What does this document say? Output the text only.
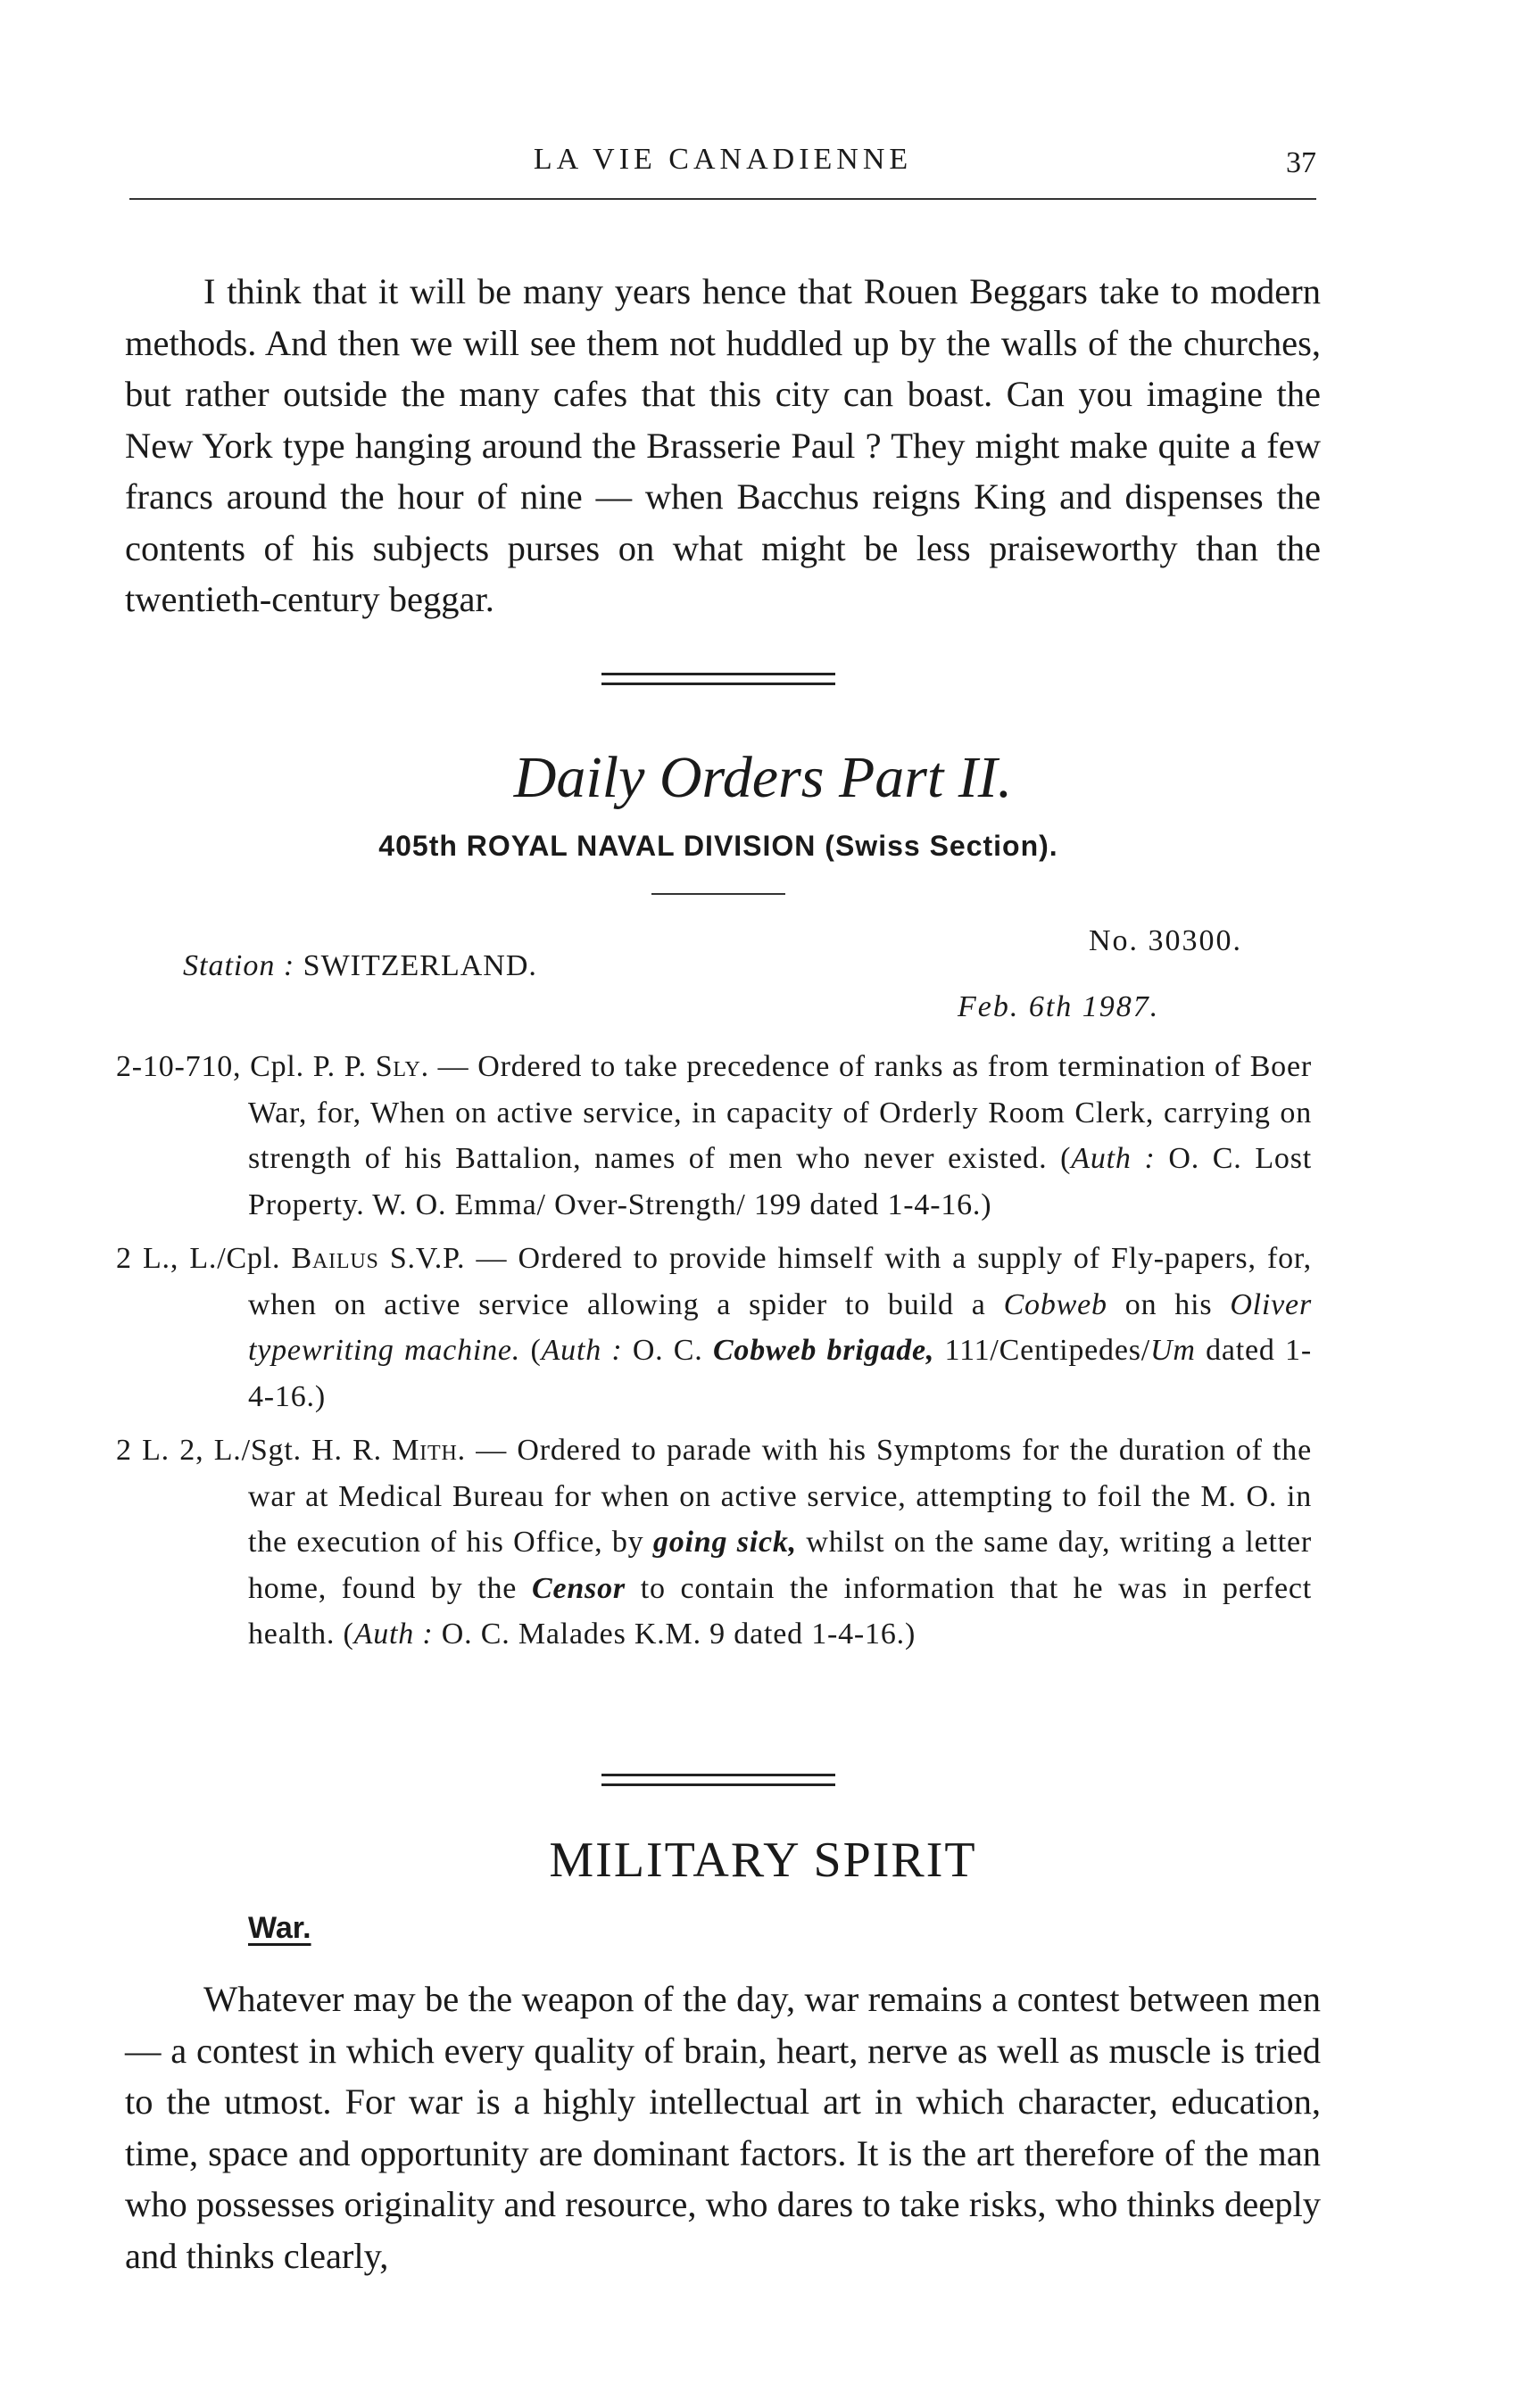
LA VIE CANADIENNE	37

I think that it will be many years hence that Rouen Beggars take to modern methods. And then we will see them not huddled up by the walls of the churches, but rather outside the many cafes that this city can boast. Can you imagine the New York type hanging around the Brasserie Paul ? They might make quite a few francs around the hour of nine — when Bacchus reigns King and dispenses the contents of his subjects purses on what might be less praiseworthy than the twentieth-century beggar.

Daily Orders Part II.
405th ROYAL NAVAL DIVISION (Swiss Section).
No. 30300.
Station : SWITZERLAND.
Feb. 6th 1987.
2-10-710, Cpl. P. P. Sly. — Ordered to take precedence of ranks as from termination of Boer War, for, When on active service, in capacity of Orderly Room Clerk, carrying on strength of his Battalion, names of men who never existed. (Auth : O. C. Lost Property. W. O. Emma/ Over-Strength/ 199 dated 1-4-16.)
2 L., L./Cpl. Bailus S.V.P. — Ordered to provide himself with a supply of Fly-papers, for, when on active service allowing a spider to build a Cobweb on his Oliver typewriting machine. (Auth : O. C. Cobweb brigade, 111/Centipedes/Um dated 1-4-16.)
2 L. 2, L./Sgt. H. R. Mith. — Ordered to parade with his Symptoms for the duration of the war at Medical Bureau for when on active service, attempting to foil the M. O. in the execution of his Office, by going sick, whilst on the same day, writing a letter home, found by the Censor to contain the information that he was in perfect health. (Auth : O. C. Malades K.M. 9 dated 1-4-16.)
MILITARY SPIRIT
War.

Whatever may be the weapon of the day, war remains a contest between men — a contest in which every quality of brain, heart, nerve as well as muscle is tried to the utmost. For war is a highly intellectual art in which character, education, time, space and opportunity are dominant factors. It is the art therefore of the man who possesses originality and resource, who dares to take risks, who thinks deeply and thinks clearly,
